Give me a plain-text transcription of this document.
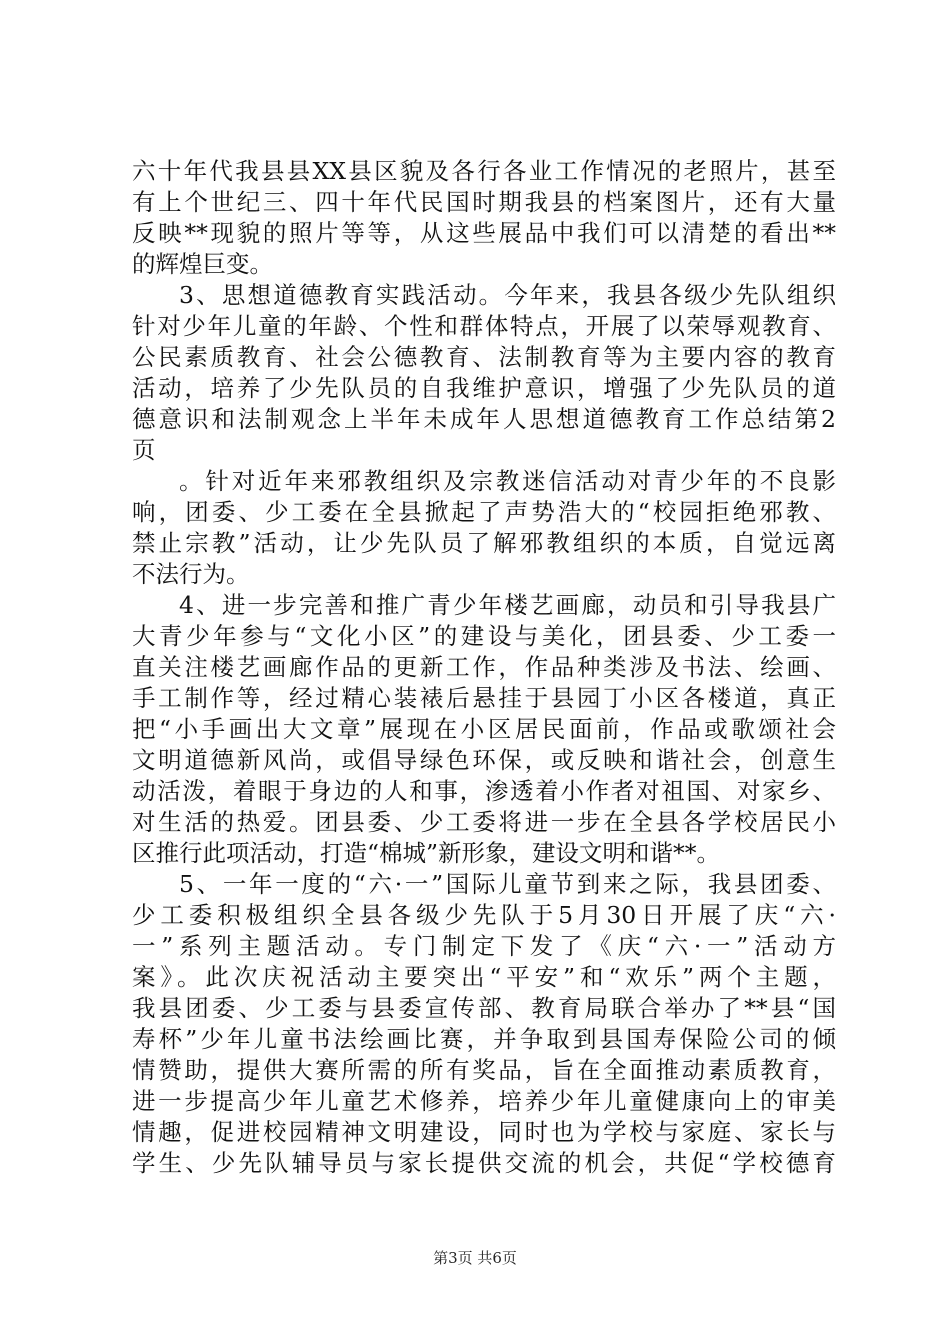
六十年代我县县XX县区貌及各行各业工作情况的老照片，甚至
有上个世纪三、四十年代民国时期我县的档案图片，还有大量
反映**现貌的照片等等，从这些展品中我们可以清楚的看出**
的辉煌巨变。
3、思想道德教育实践活动。今年来，我县各级少先队组织
针对少年儿童的年龄、个性和群体特点，开展了以荣辱观教育、
公民素质教育、社会公德教育、法制教育等为主要内容的教育
活动，培养了少先队员的自我维护意识，增强了少先队员的道
德意识和法制观念上半年未成年人思想道德教育工作总结第2
页
。针对近年来邪教组织及宗教迷信活动对青少年的不良影
响，团委、少工委在全县掀起了声势浩大的“校园拒绝邪教、
禁止宗教”活动，让少先队员了解邪教组织的本质，自觉远离
不法行为。
4、进一步完善和推广青少年楼艺画廊，动员和引导我县广
大青少年参与“文化小区”的建设与美化，团县委、少工委一
直关注楼艺画廊作品的更新工作，作品种类涉及书法、绘画、
手工制作等，经过精心装裱后悬挂于县园丁小区各楼道，真正
把“小手画出大文章”展现在小区居民面前，作品或歌颂社会
文明道德新风尚，或倡导绿色环保，或反映和谐社会，创意生
动活泼，着眼于身边的人和事，渗透着小作者对祖国、对家乡、
对生活的热爱。团县委、少工委将进一步在全县各学校居民小
区推行此项活动，打造“棉城”新形象，建设文明和谐**。
5、一年一度的“六·一”国际儿童节到来之际，我县团委、
少工委积极组织全县各级少先队于5月30日开展了庆“六·
一”系列主题活动。专门制定下发了《庆“六·一”活动方
案》。此次庆祝活动主要突出“平安”和“欢乐”两个主题，
我县团委、少工委与县委宣传部、教育局联合举办了**县“国
寿杯”少年儿童书法绘画比赛，并争取到县国寿保险公司的倾
情赞助，提供大赛所需的所有奖品，旨在全面推动素质教育，
进一步提高少年儿童艺术修养，培养少年儿童健康向上的审美
情趣，促进校园精神文明建设，同时也为学校与家庭、家长与
学生、少先队辅导员与家长提供交流的机会，共促“学校德育
第3页 共6页
